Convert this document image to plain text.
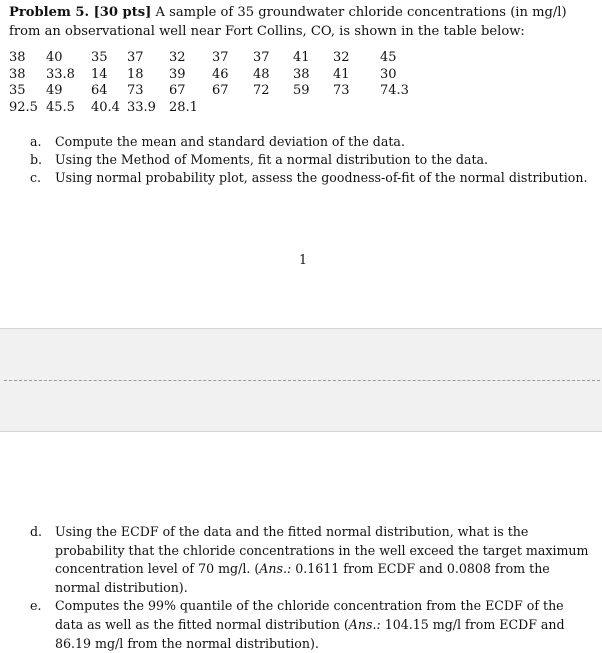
Problem 5. [30 pts] A sample of 35 groundwater chloride concentrations (in mg/l) from an observational well near Fort Collins, CO, is shown in the table below:
38	40	35	37	32	37	37	41	32	45
38	33.8	14	18	39	46	48	38	41	30
35	49	64	73	67	67	72	59	73	74.3
92.5	45.5	40.4	33.9	28.1					
a. Compute the mean and standard deviation of the data.
b. Using the Method of Moments, fit a normal distribution to the data.
c. Using normal probability plot, assess the goodness-of-fit of the normal distribution.
1
d. Using the ECDF of the data and the fitted normal distribution, what is the probability that the chloride concentrations in the well exceed the target maximum concentration level of 70 mg/l. (Ans.: 0.1611 from ECDF and 0.0808 from the normal distribution).
e. Computes the 99% quantile of the chloride concentration from the ECDF of the data as well as the fitted normal distribution (Ans.: 104.15 mg/l from ECDF and 86.19 mg/l from the normal distribution).
